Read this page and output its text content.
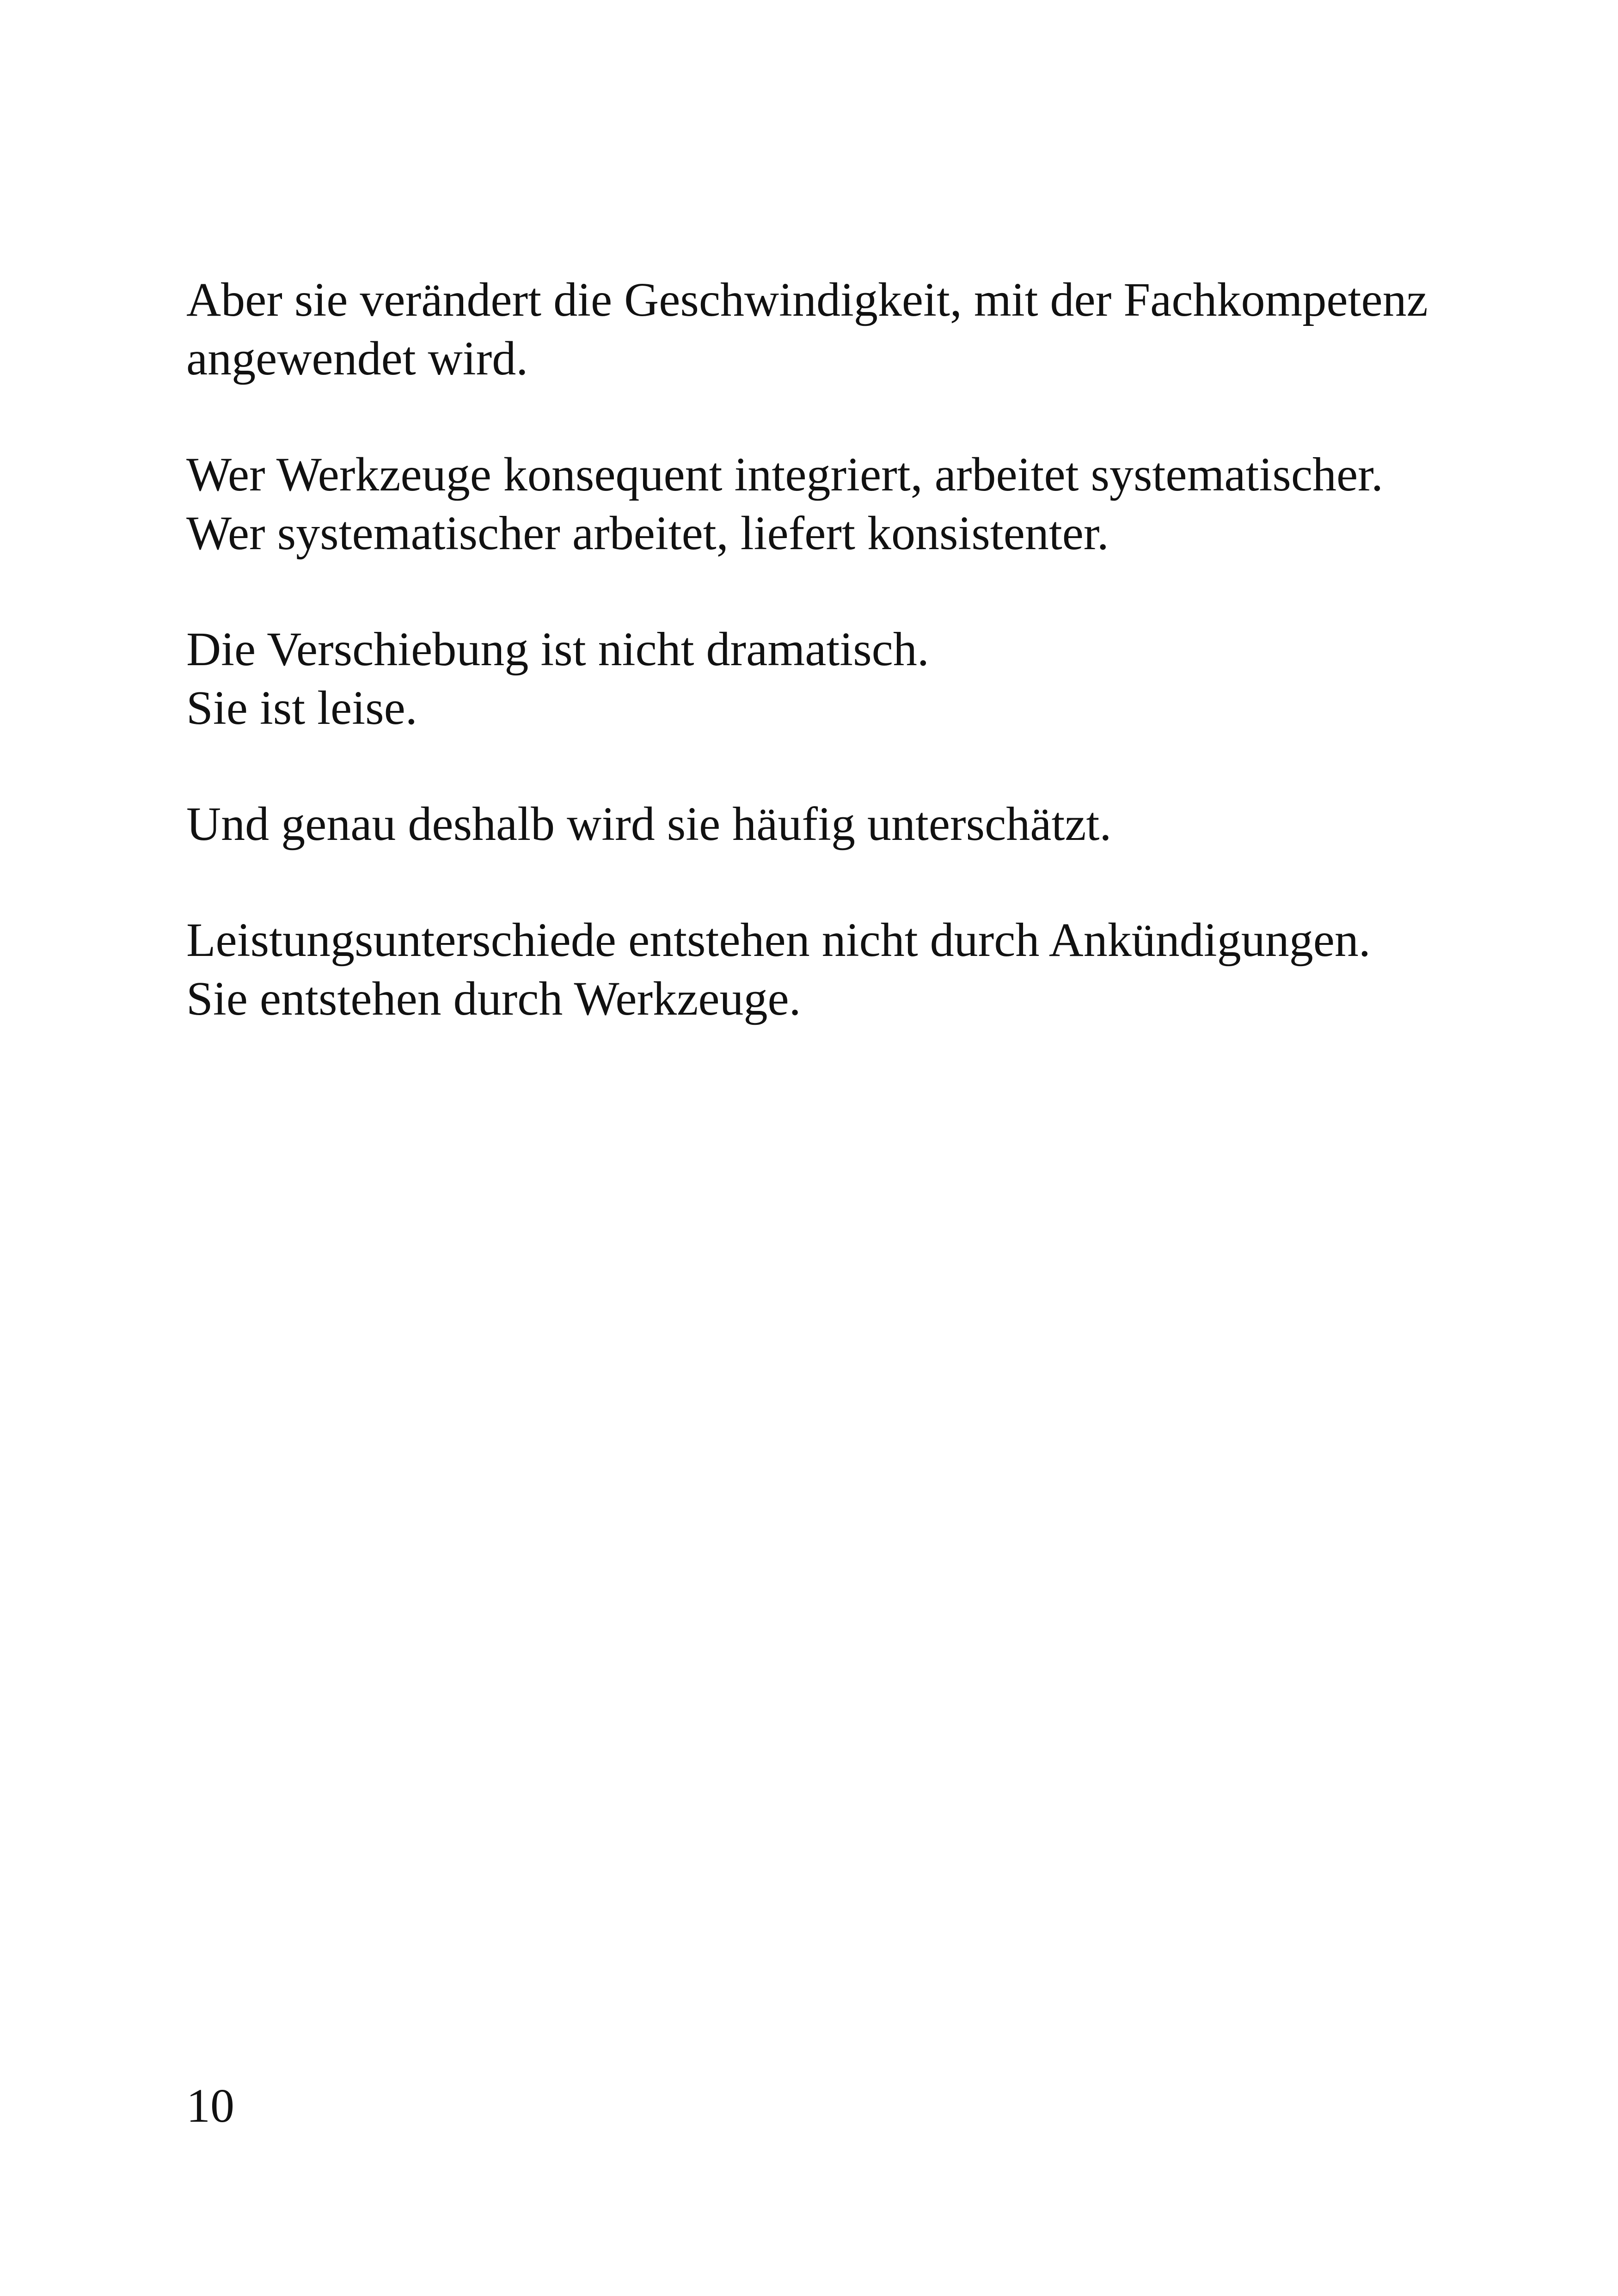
Aber sie verändert die Geschwindigkeit, mit der Fachkompetenz
angewendet wird.

Wer Werkzeuge konsequent integriert, arbeitet systematischer.
Wer systematischer arbeitet, liefert konsistenter.

Die Verschiebung ist nicht dramatisch.
Sie ist leise.

Und genau deshalb wird sie häufig unterschätzt.

Leistungsunterschiede entstehen nicht durch Ankündigungen.
Sie entstehen durch Werkzeuge.

10
